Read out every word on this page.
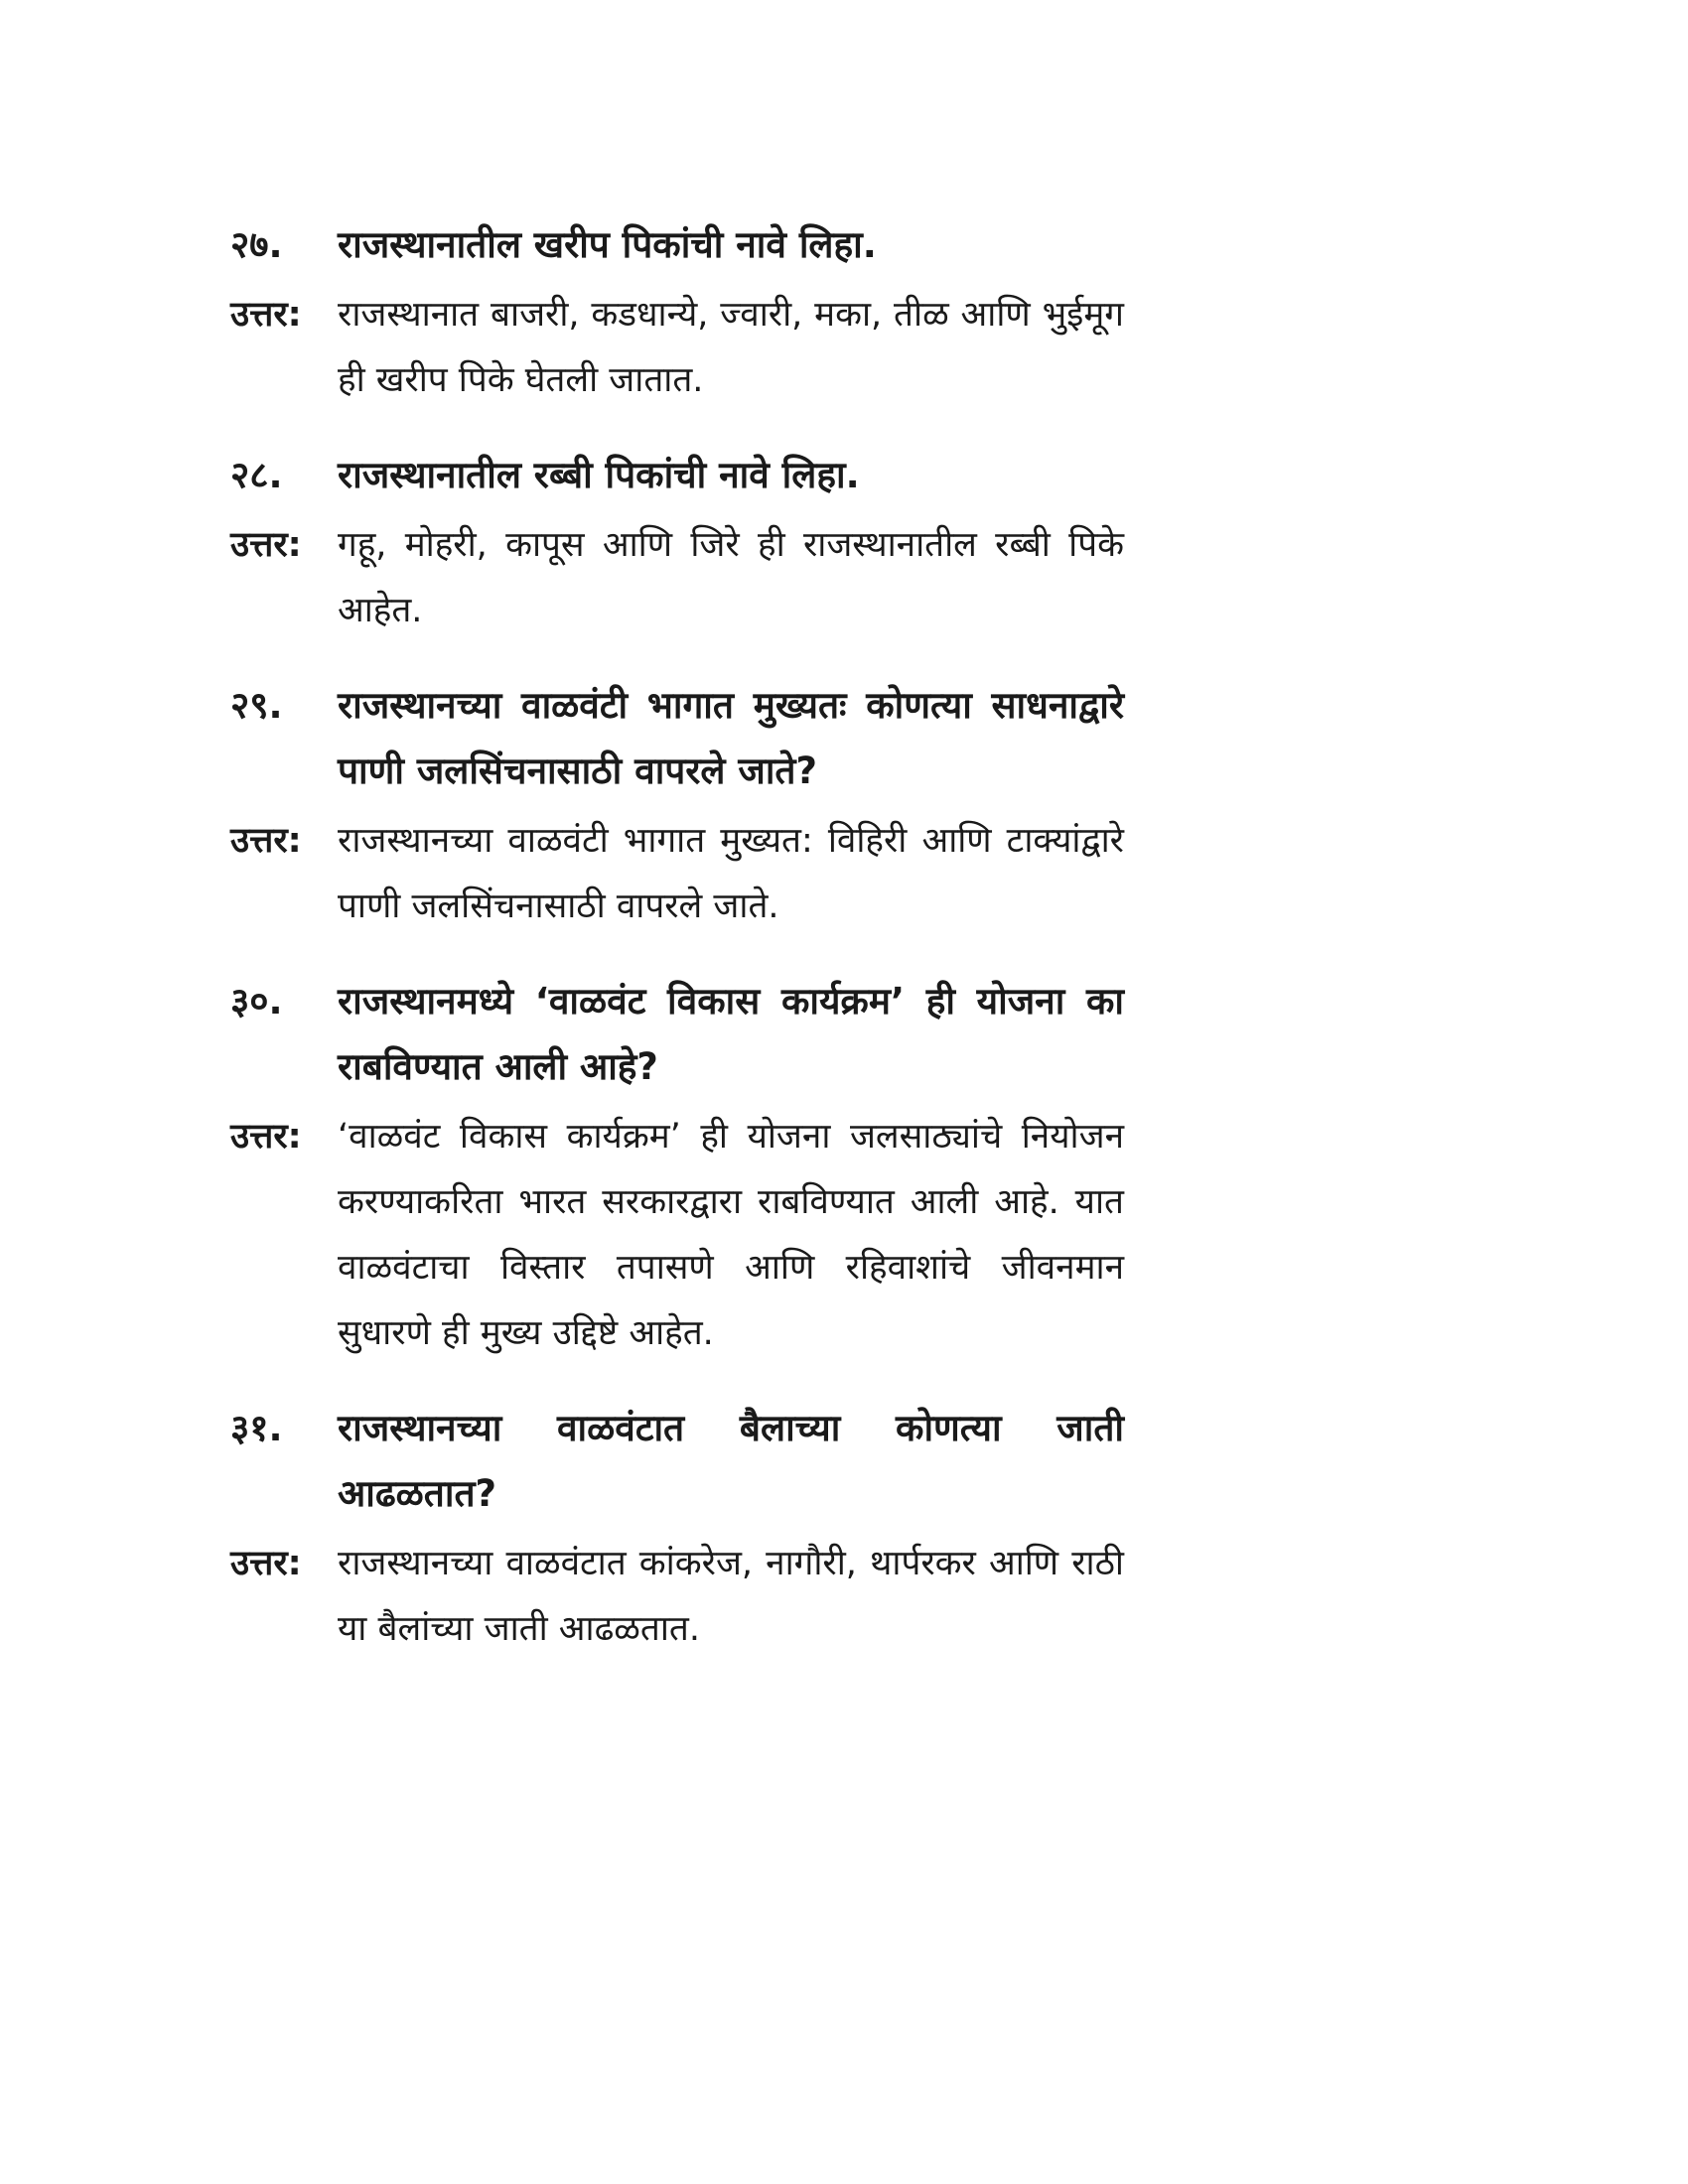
२७.	राजस्थानातील खरीप पिकांची नावे लिहा.
उत्तर:	राजस्थानात बाजरी, कडधान्ये, ज्वारी, मका, तीळ आणि भुईमूग ही खरीप पिके घेतली जातात.
२८.	राजस्थानातील रब्बी पिकांची नावे लिहा.
उत्तर:	गहू, मोहरी, कापूस आणि जिरे ही राजस्थानातील रब्बी पिके आहेत.
२९.	राजस्थानच्या वाळवंटी भागात मुख्यतः कोणत्या साधनाद्वारे पाणी जलसिंचनासाठी वापरले जाते?
उत्तर:	राजस्थानच्या वाळवंटी भागात मुख्यत: विहिरी आणि टाक्यांद्वारे पाणी जलसिंचनासाठी वापरले जाते.
३०.	राजस्थानमध्ये ‘वाळवंट विकास कार्यक्रम’ ही योजना का राबविण्यात आली आहे?
उत्तर:	‘वाळवंट विकास कार्यक्रम’ ही योजना जलसाठ्यांचे नियोजन करण्याकरिता भारत सरकारद्वारा राबविण्यात आली आहे. यात वाळवंटाचा विस्तार तपासणे आणि रहिवाशांचे जीवनमान सुधारणे ही मुख्य उद्दिष्टे आहेत.
३१.	राजस्थानच्या वाळवंटात बैलाच्या कोणत्या जाती आढळतात?
उत्तर:	राजस्थानच्या वाळवंटात कांकरेज, नागौरी, थार्परकर आणि राठी या बैलांच्या जाती आढळतात.
